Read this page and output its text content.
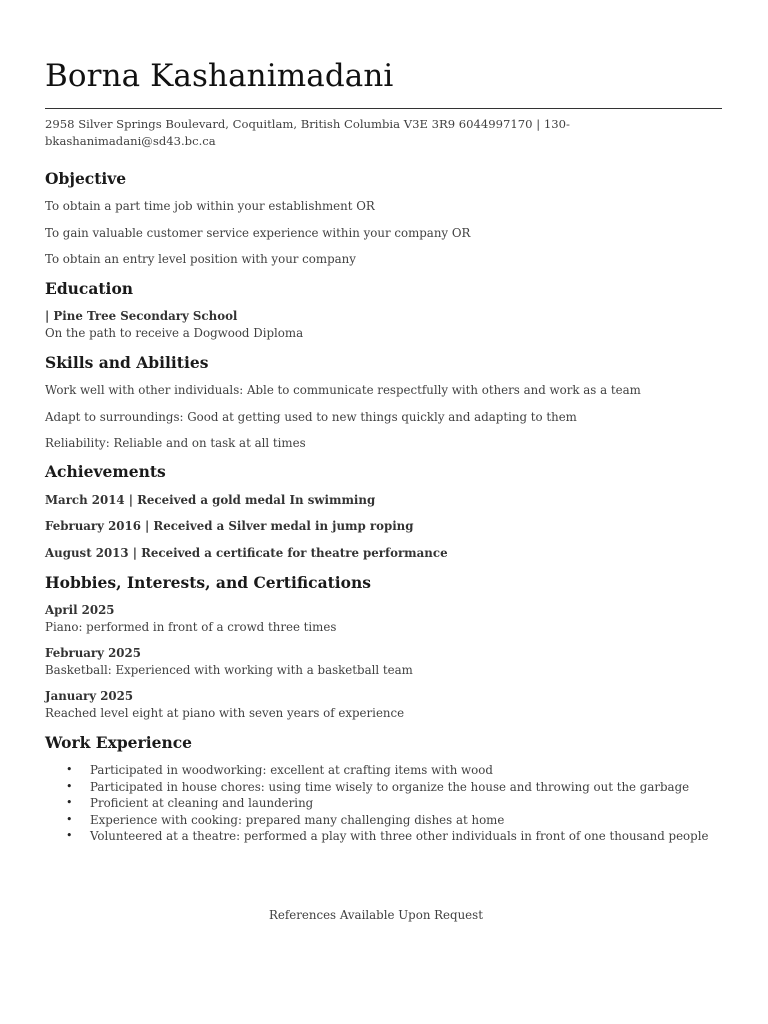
Borna Kashanimadani
2958 Silver Springs Boulevard, Coquitlam, British Columbia V3E 3R9 6044997170 | 130-
bkashanimadani@sd43.bc.ca
Objective
To obtain a part time job within your establishment OR
To gain valuable customer service experience within your company OR
To obtain an entry level position with your company
Education
| Pine Tree Secondary School
On the path to receive a Dogwood Diploma
Skills and Abilities
Work well with other individuals: Able to communicate respectfully with others and work as a team
Adapt to surroundings: Good at getting used to new things quickly and adapting to them
Reliability: Reliable and on task at all times
Achievements
March 2014 | Received a gold medal In swimming
February 2016 | Received a Silver medal in jump roping
August 2013 | Received a certificate for theatre performance
Hobbies, Interests, and Certifications
April 2025
Piano: performed in front of a crowd three times
February 2025
Basketball: Experienced with working with a basketball team
January 2025
Reached level eight at piano with seven years of experience
Work Experience
• Participated in woodworking: excellent at crafting items with wood
• Participated in house chores: using time wisely to organize the house and throwing out the garbage
• Proficient at cleaning and laundering
• Experience with cooking: prepared many challenging dishes at home
• Volunteered at a theatre: performed a play with three other individuals in front of one thousand people
References Available Upon Request
